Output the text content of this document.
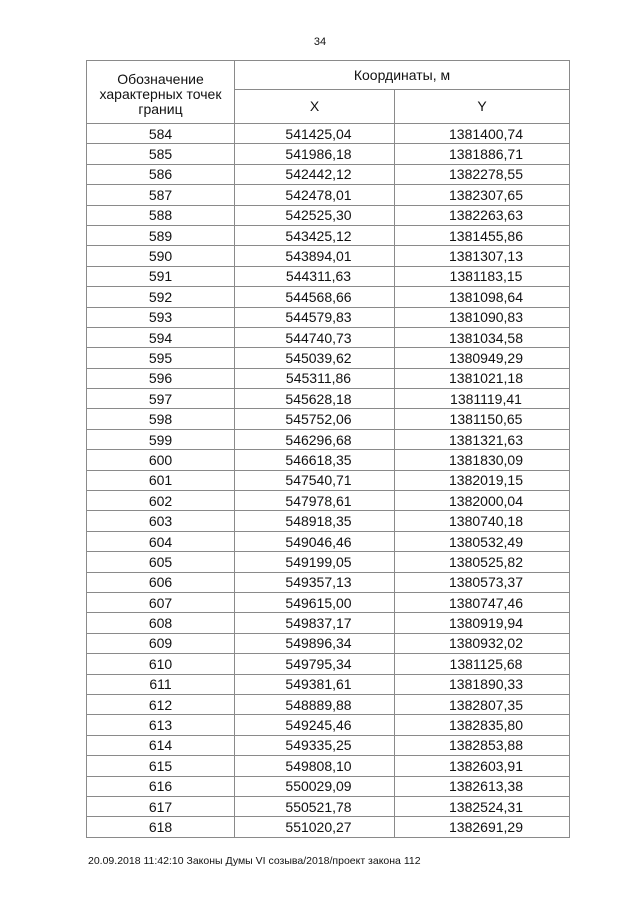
34
Обозначение характерных точек границ	Координаты, м	
	X	Y
584	541425,04	1381400,74
585	541986,18	1381886,71
586	542442,12	1382278,55
587	542478,01	1382307,65
588	542525,30	1382263,63
589	543425,12	1381455,86
590	543894,01	1381307,13
591	544311,63	1381183,15
592	544568,66	1381098,64
593	544579,83	1381090,83
594	544740,73	1381034,58
595	545039,62	1380949,29
596	545311,86	1381021,18
597	545628,18	1381119,41
598	545752,06	1381150,65
599	546296,68	1381321,63
600	546618,35	1381830,09
601	547540,71	1382019,15
602	547978,61	1382000,04
603	548918,35	1380740,18
604	549046,46	1380532,49
605	549199,05	1380525,82
606	549357,13	1380573,37
607	549615,00	1380747,46
608	549837,17	1380919,94
609	549896,34	1380932,02
610	549795,34	1381125,68
611	549381,61	1381890,33
612	548889,88	1382807,35
613	549245,46	1382835,80
614	549335,25	1382853,88
615	549808,10	1382603,91
616	550029,09	1382613,38
617	550521,78	1382524,31
618	551020,27	1382691,29
20.09.2018 11:42:10 Законы Думы VI созыва/2018/проект закона 112
